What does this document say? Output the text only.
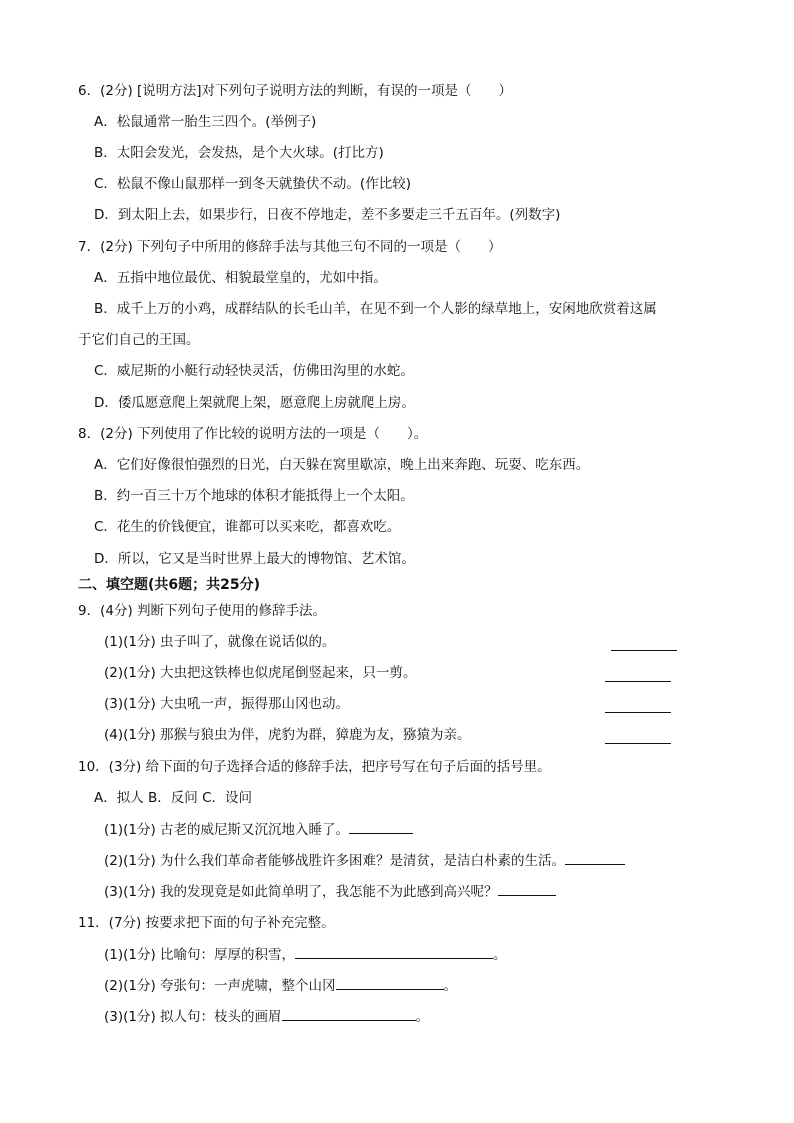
6．(2分) [说明方法]对下列句子说明方法的判断，有误的一项是（　　）
A．松鼠通常一胎生三四个。(举例子)
B．太阳会发光，会发热，是个大火球。(打比方)
C．松鼠不像山鼠那样一到冬天就蛰伏不动。(作比较)
D．到太阳上去，如果步行，日夜不停地走，差不多要走三千五百年。(列数字)
7．(2分) 下列句子中所用的修辞手法与其他三句不同的一项是（　　）
A．五指中地位最优、相貌最堂皇的，尤如中指。
B．成千上万的小鸡，成群结队的长毛山羊，在见不到一个人影的绿草地上，安闲地欣赏着这属
于它们自己的王国。
C．威尼斯的小艇行动轻快灵活，仿佛田沟里的水蛇。
D．倭瓜愿意爬上架就爬上架，愿意爬上房就爬上房。
8．(2分) 下列使用了作比较的说明方法的一项是（　　）。
A．它们好像很怕强烈的日光，白天躲在窝里歇凉，晚上出来奔跑、玩耍、吃东西。
B．约一百三十万个地球的体积才能抵得上一个太阳。
C．花生的价钱便宜，谁都可以买来吃，都喜欢吃。
D．所以，它又是当时世界上最大的博物馆、艺术馆。
二、填空题(共6题；共25分)
9．(4分) 判断下列句子使用的修辞手法。
(1)(1分) 虫子叫了，就像在说话似的。
(2)(1分) 大虫把这铁棒也似虎尾倒竖起来，只一剪。
(3)(1分) 大虫吼一声，振得那山冈也动。
(4)(1分) 那猴与狼虫为伴，虎豹为群，獐鹿为友，猕猿为亲。
10．(3分) 给下面的句子选择合适的修辞手法，把序号写在句子后面的括号里。
A．拟人 B．反问 C．设问
(1)(1分) 古老的威尼斯又沉沉地入睡了。
(2)(1分) 为什么我们革命者能够战胜许多困难？是清贫，是洁白朴素的生活。
(3)(1分) 我的发现竟是如此简单明了，我怎能不为此感到高兴呢？
11．(7分) 按要求把下面的句子补充完整。
(1)(1分) 比喻句：厚厚的积雪，	。
(2)(1分) 夸张句：一声虎啸，整个山冈	。
(3)(1分) 拟人句：枝头的画眉	。
